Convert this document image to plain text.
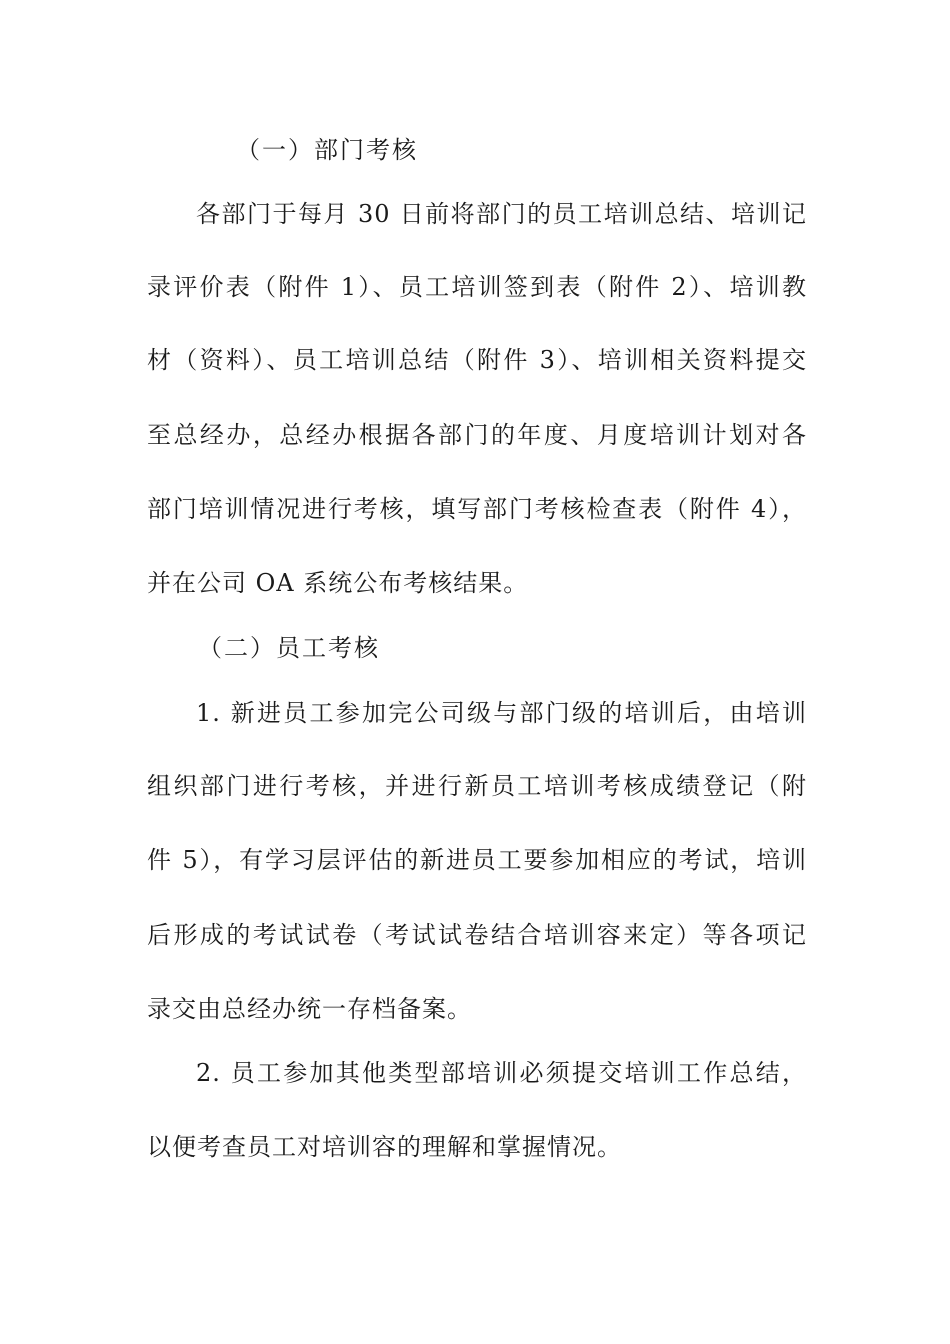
（一）部门考核
各部门于每月 30 日前将部门的员工培训总结、培训记
录评价表（附件 1）、员工培训签到表（附件 2）、培训教
材（资料）、员工培训总结（附件 3）、培训相关资料提交
至总经办，总经办根据各部门的年度、月度培训计划对各
部门培训情况进行考核，填写部门考核检查表（附件 4），
并在公司 OA 系统公布考核结果。
（二）员工考核
1. 新进员工参加完公司级与部门级的培训后，由培训
组织部门进行考核，并进行新员工培训考核成绩登记（附
件 5），有学习层评估的新进员工要参加相应的考试，培训
后形成的考试试卷（考试试卷结合培训容来定）等各项记
录交由总经办统一存档备案。
2. 员工参加其他类型部培训必须提交培训工作总结，
以便考查员工对培训容的理解和掌握情况。
